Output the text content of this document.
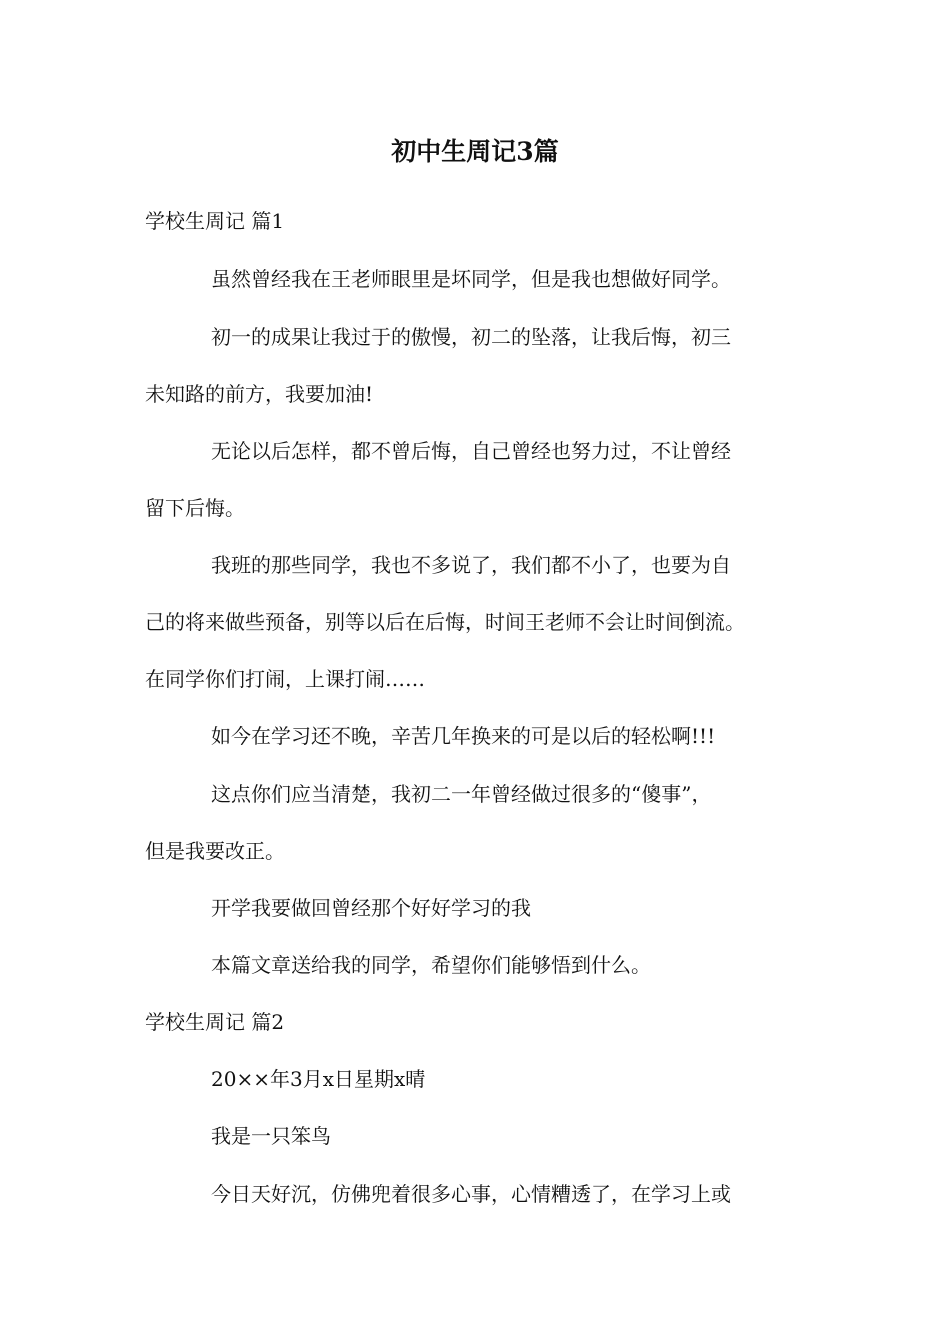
初中生周记3篇
学校生周记 篇1
虽然曾经我在王老师眼里是坏同学，但是我也想做好同学。
初一的成果让我过于的傲慢，初二的坠落，让我后悔，初三
未知路的前方，我要加油!
无论以后怎样，都不曾后悔，自己曾经也努力过，不让曾经
留下后悔。
我班的那些同学，我也不多说了，我们都不小了，也要为自
己的将来做些预备，别等以后在后悔，时间王老师不会让时间倒流。
在同学你们打闹，上课打闹……
如今在学习还不晚，辛苦几年换来的可是以后的轻松啊!!!
这点你们应当清楚，我初二一年曾经做过很多的“傻事”，
但是我要改正。
开学我要做回曾经那个好好学习的我
本篇文章送给我的同学，希望你们能够悟到什么。
学校生周记 篇2
20××年3月x日星期x晴
我是一只笨鸟
今日天好沉，仿佛兜着很多心事，心情糟透了，在学习上或
